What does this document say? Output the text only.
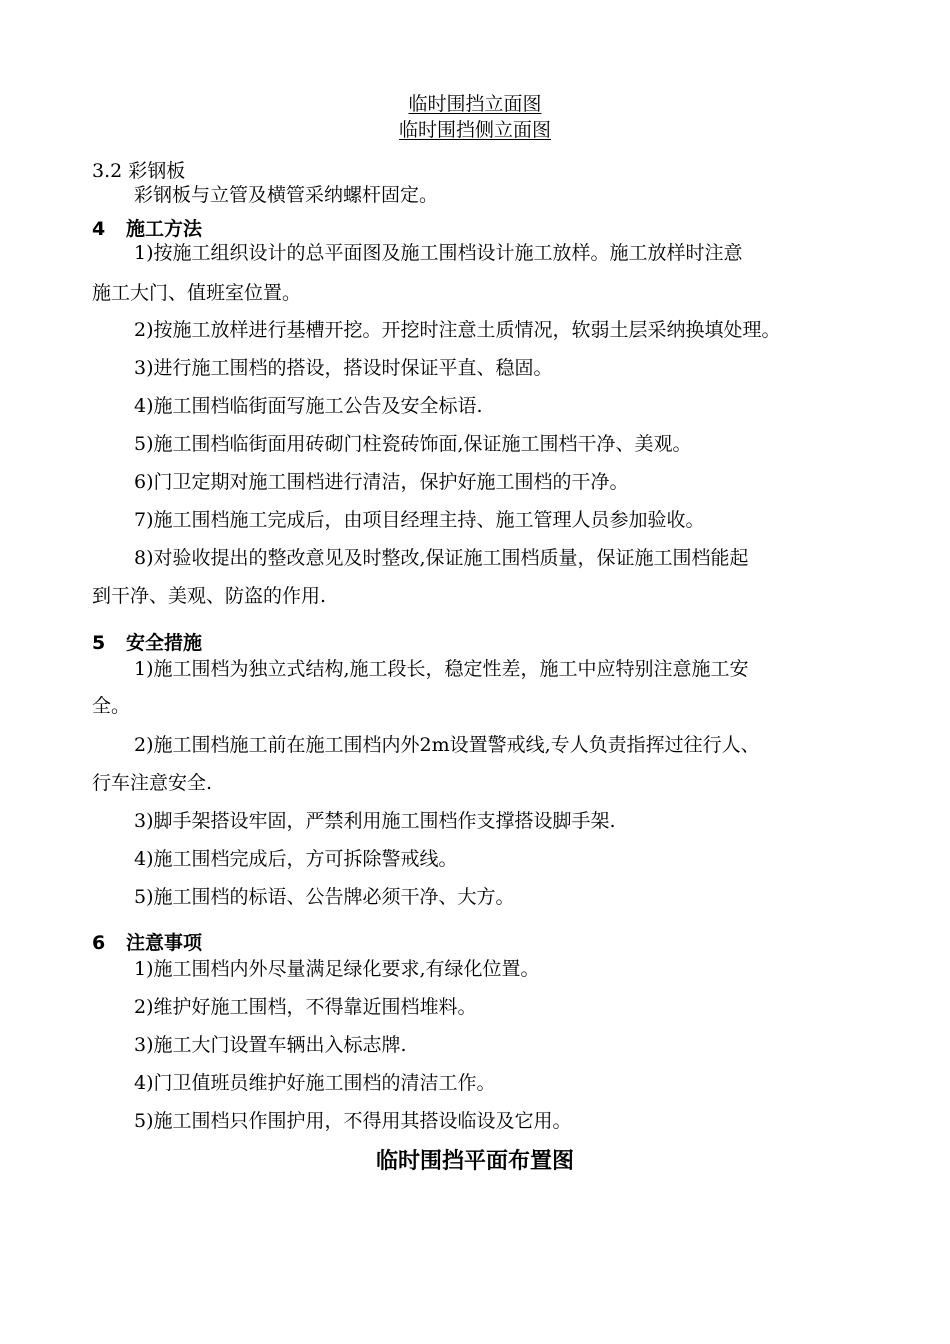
临时围挡立面图
临时围挡侧立面图
3.2 彩钢板
彩钢板与立管及横管采纳螺杆固定。
4 施工方法
1)按施工组织设计的总平面图及施工围档设计施工放样。施工放样时注意
施工大门、值班室位置。
2)按施工放样进行基槽开挖。开挖时注意土质情况，软弱土层采纳换填处理。
3)进行施工围档的搭设，搭设时保证平直、稳固。
4)施工围档临街面写施工公告及安全标语.
5)施工围档临街面用砖砌门柱瓷砖饰面,保证施工围档干净、美观。
6)门卫定期对施工围档进行清洁，保护好施工围档的干净。
7)施工围档施工完成后，由项目经理主持、施工管理人员参加验收。
8)对验收提出的整改意见及时整改,保证施工围档质量，保证施工围档能起
到干净、美观、防盗的作用.
5 安全措施
1)施工围档为独立式结构,施工段长，稳定性差，施工中应特别注意施工安
全。
2)施工围档施工前在施工围档内外2m设置警戒线,专人负责指挥过往行人、
行车注意安全.
3)脚手架搭设牢固，严禁利用施工围档作支撑搭设脚手架.
4)施工围档完成后，方可拆除警戒线。
5)施工围档的标语、公告牌必须干净、大方。
6 注意事项
1)施工围档内外尽量满足绿化要求,有绿化位置。
2)维护好施工围档，不得靠近围档堆料。
3)施工大门设置车辆出入标志牌.
4)门卫值班员维护好施工围档的清洁工作。
5)施工围档只作围护用，不得用其搭设临设及它用。
临时围挡平面布置图
